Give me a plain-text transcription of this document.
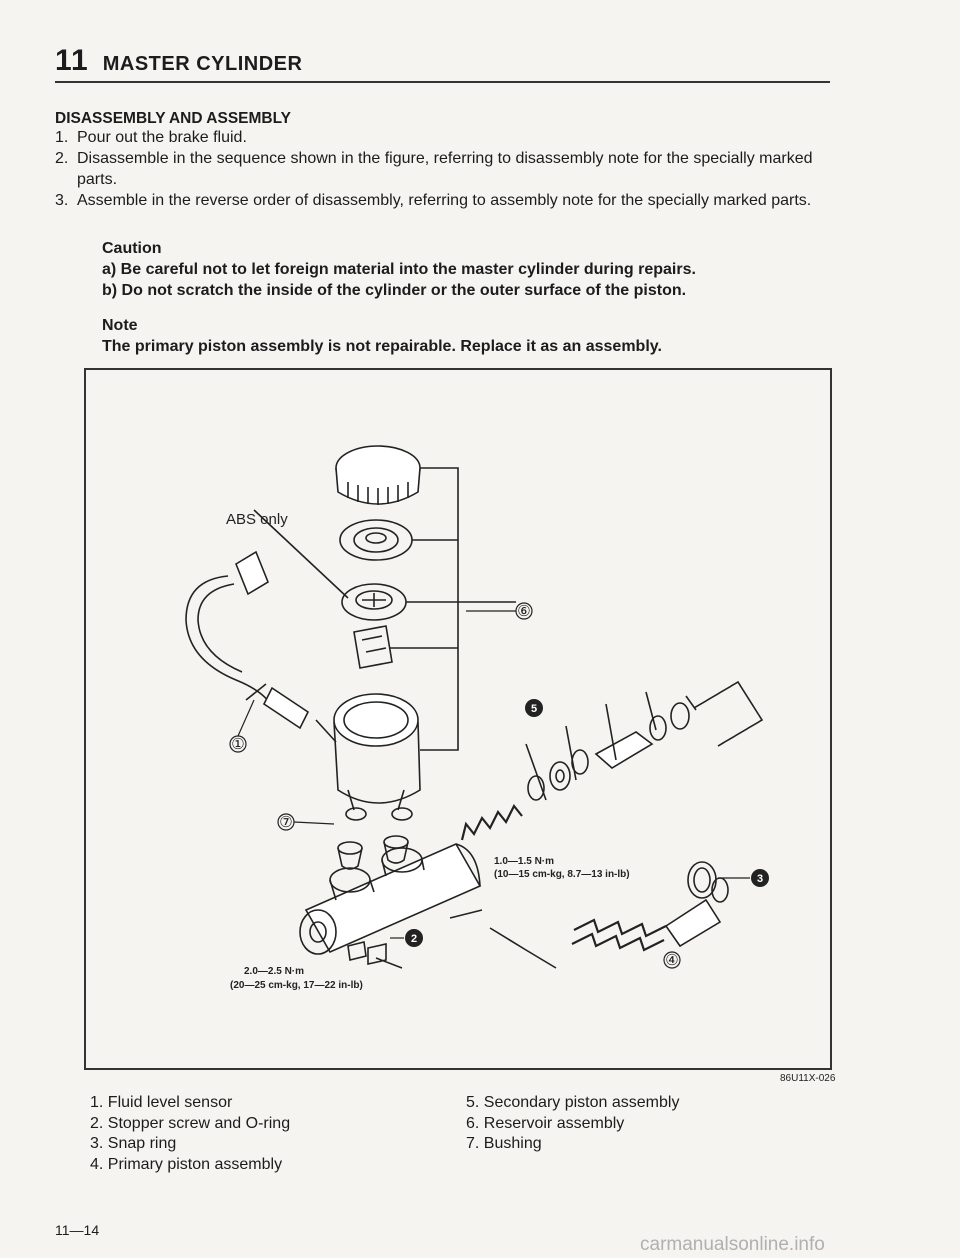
11 MASTER CYLINDER
DISASSEMBLY AND ASSEMBLY
1. Pour out the brake fluid.
2. Disassemble in the sequence shown in the figure, referring to disassembly note for the specially marked parts.
3. Assemble in the reverse order of disassembly, referring to assembly note for the specially marked parts.
Caution
a) Be careful not to let foreign material into the master cylinder during repairs.
b) Do not scratch the inside of the cylinder or the outer surface of the piston.
Note
The primary piston assembly is not repairable. Replace it as an assembly.
5
2
3
①
⑦
⑥
④
ABS only
1.0—1.5 N·m
(10—15 cm-kg, 8.7—13 in-lb)
2.0—2.5 N·m
(20—25 cm-kg, 17—22 in-lb)
86U11X-026
1. Fluid level sensor
2. Stopper screw and O-ring
3. Snap ring
4. Primary piston assembly
5. Secondary piston assembly
6. Reservoir assembly
7. Bushing
11—14
carmanualsonline.info
